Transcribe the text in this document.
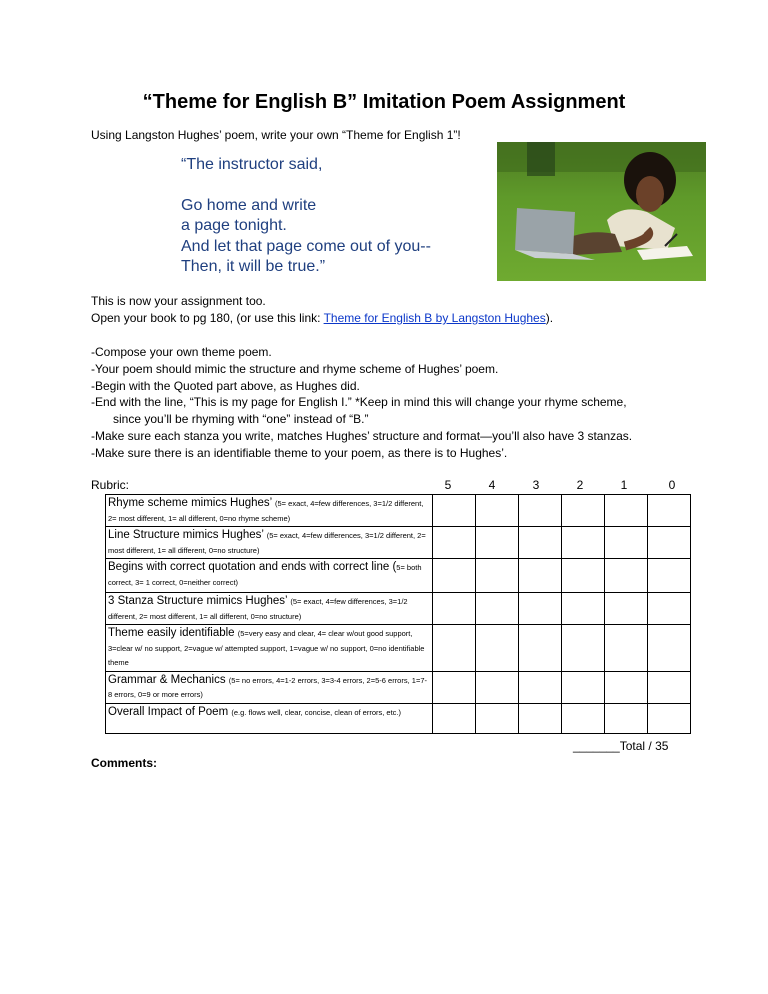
“Theme for English B” Imitation Poem Assignment
Using Langston Hughes’ poem, write your own “Theme for English 1”!
“The instructor said,
Go home and write
a page tonight.
And let that page come out of you--
Then, it will be true.”
This is now your assignment too.
Open your book to pg 180, (or use this link: Theme for English B by Langston Hughes).
-Compose your own theme poem.
-Your poem should mimic the structure and rhyme scheme of Hughes’ poem.
-Begin with the Quoted part above, as Hughes did.
-End with the line, “This is my page for English I.” *Keep in mind this will change your rhyme scheme,
since you’ll be rhyming with “one” instead of “B.”
-Make sure each stanza you write, matches Hughes’ structure and format—you’ll also have 3 stanzas.
-Make sure there is an identifiable theme to your poem, as there is to Hughes’.
Rubric:	5	4	3	2	1	0
Rhyme scheme mimics Hughes’ (5= exact, 4=few differences, 3=1/2 different, 2= most different, 1= all different, 0=no rhyme scheme)						
Line Structure mimics Hughes’ (5= exact, 4=few differences, 3=1/2 different, 2= most different, 1= all different, 0=no structure)						
Begins with correct quotation and ends with correct line (5= both correct, 3= 1 correct, 0=neither correct)						
3 Stanza Structure mimics Hughes’ (5= exact, 4=few differences, 3=1/2 different, 2= most different, 1= all different, 0=no structure)						
Theme easily identifiable (5=very easy and clear, 4= clear w/out good support, 3=clear w/ no support, 2=vague w/ attempted support, 1=vague w/ no support, 0=no identifiable theme						
Grammar & Mechanics (5= no errors, 4=1-2 errors, 3=3-4 errors, 2=5-6 errors, 1=7-8 errors, 0=9 or more errors)						
Overall Impact of Poem (e.g. flows well, clear, concise, clean of errors, etc.)						
_______Total / 35
Comments:
